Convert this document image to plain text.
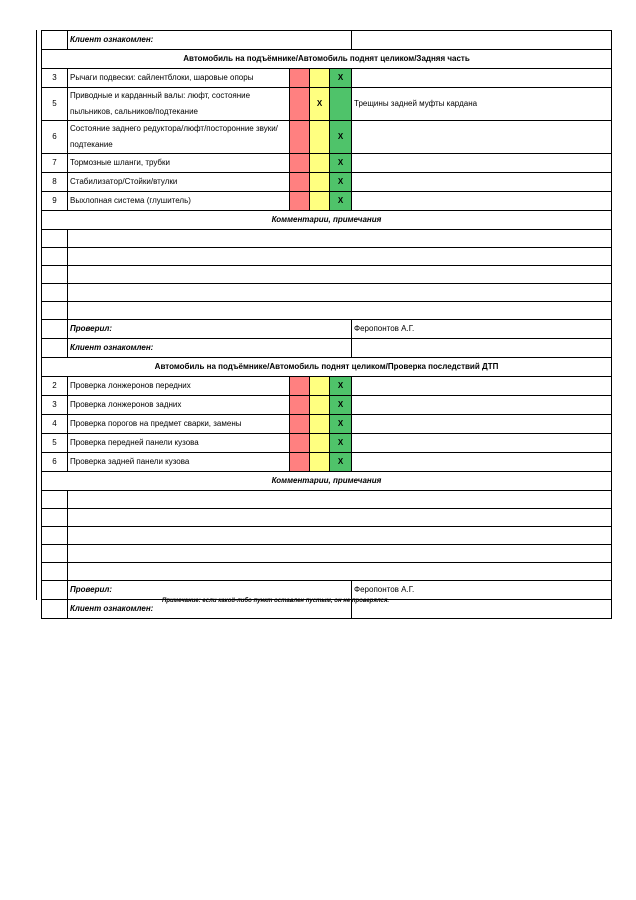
	Клиент ознакомлен:				
Автомобиль на подъёмнике/Автомобиль поднят целиком/Задняя часть					
3	Рычаги подвески: сайлентблоки, шаровые опоры			X	
5	Приводные и карданный валы: люфт, состояние пыльников, сальников/подтекание		X		Трещины задней муфты кардана
6	Состояние заднего редуктора/люфт/посторонние звуки/подтекание			X	
7	Тормозные шланги, трубки			X	
8	Стабилизатор/Стойки/втулки			X	
9	Выхлопная система (глушитель)			X	
Комментарии, примечания					

	Проверил:				Феропонтов А.Г.
	Клиент ознакомлен:				
Автомобиль на подъёмнике/Автомобиль поднят целиком/Проверка последствий ДТП					
2	Проверка лонжеронов передних			X	
3	Проверка лонжеронов задних			X	
4	Проверка порогов на предмет сварки, замены			X	
5	Проверка передней панели кузова			X	
6	Проверка задней панели кузова			X	
Комментарии, примечания					

	Проверил:				Феропонтов А.Г.
	Клиент ознакомлен:				
Примечание: если какой-либо пункт оставлен пустым, он не проверялся.
